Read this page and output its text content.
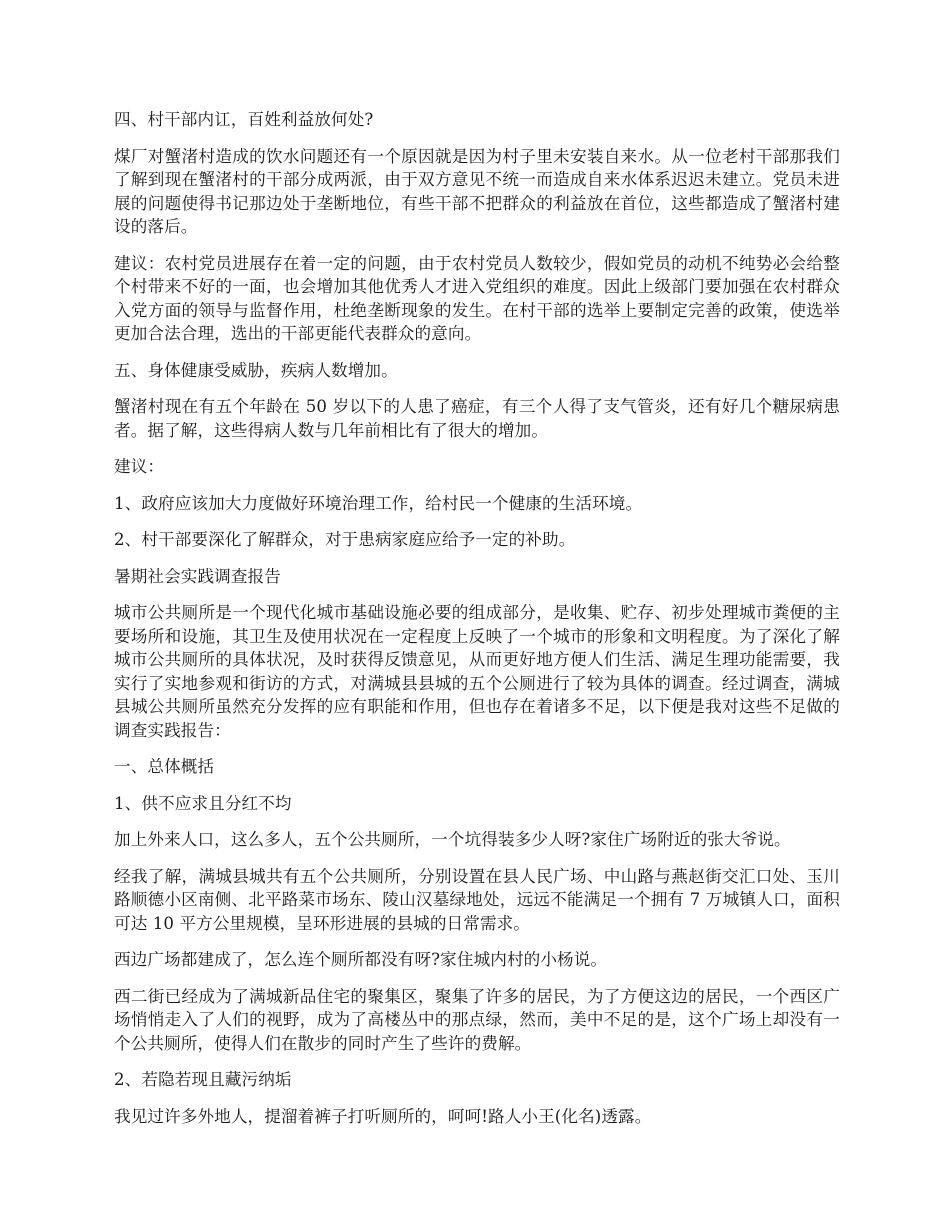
四、村干部内讧，百姓利益放何处?

煤厂对蟹渚村造成的饮水问题还有一个原因就是因为村子里未安装自来水。从一位老村干部那我们了解到现在蟹渚村的干部分成两派，由于双方意见不统一而造成自来水体系迟迟未建立。党员未进展的问题使得书记那边处于垄断地位，有些干部不把群众的利益放在首位，这些都造成了蟹渚村建设的落后。

建议：农村党员进展存在着一定的问题，由于农村党员人数较少，假如党员的动机不纯势必会给整个村带来不好的一面，也会增加其他优秀人才进入党组织的难度。因此上级部门要加强在农村群众入党方面的领导与监督作用，杜绝垄断现象的发生。在村干部的选举上要制定完善的政策，使选举更加合法合理，选出的干部更能代表群众的意向。

五、身体健康受威胁，疾病人数增加。

蟹渚村现在有五个年龄在 50 岁以下的人患了癌症，有三个人得了支气管炎，还有好几个糖尿病患者。据了解，这些得病人数与几年前相比有了很大的增加。

建议：

1、政府应该加大力度做好环境治理工作，给村民一个健康的生活环境。

2、村干部要深化了解群众，对于患病家庭应给予一定的补助。

暑期社会实践调查报告

城市公共厕所是一个现代化城市基础设施必要的组成部分，是收集、贮存、初步处理城市粪便的主要场所和设施，其卫生及使用状况在一定程度上反映了一个城市的形象和文明程度。为了深化了解城市公共厕所的具体状况，及时获得反馈意见，从而更好地方便人们生活、满足生理功能需要，我实行了实地参观和街访的方式，对满城县县城的五个公厕进行了较为具体的调查。经过调查，满城县城公共厕所虽然充分发挥的应有职能和作用，但也存在着诸多不足，以下便是我对这些不足做的调查实践报告：

一、总体概括

1、供不应求且分红不均

加上外来人口，这么多人，五个公共厕所，一个坑得装多少人呀?家住广场附近的张大爷说。

经我了解，满城县城共有五个公共厕所，分别设置在县人民广场、中山路与燕赵街交汇口处、玉川路顺德小区南侧、北平路菜市场东、陵山汉墓绿地处，远远不能满足一个拥有 7 万城镇人口，面积可达 10 平方公里规模，呈环形进展的县城的日常需求。

西边广场都建成了，怎么连个厕所都没有呀?家住城内村的小杨说。

西二街已经成为了满城新品住宅的聚集区，聚集了许多的居民，为了方便这边的居民，一个西区广场悄悄走入了人们的视野，成为了高楼丛中的那点绿，然而，美中不足的是，这个广场上却没有一个公共厕所，使得人们在散步的同时产生了些许的费解。

2、若隐若现且藏污纳垢

我见过许多外地人，提溜着裤子打听厕所的，呵呵!路人小王(化名)透露。
